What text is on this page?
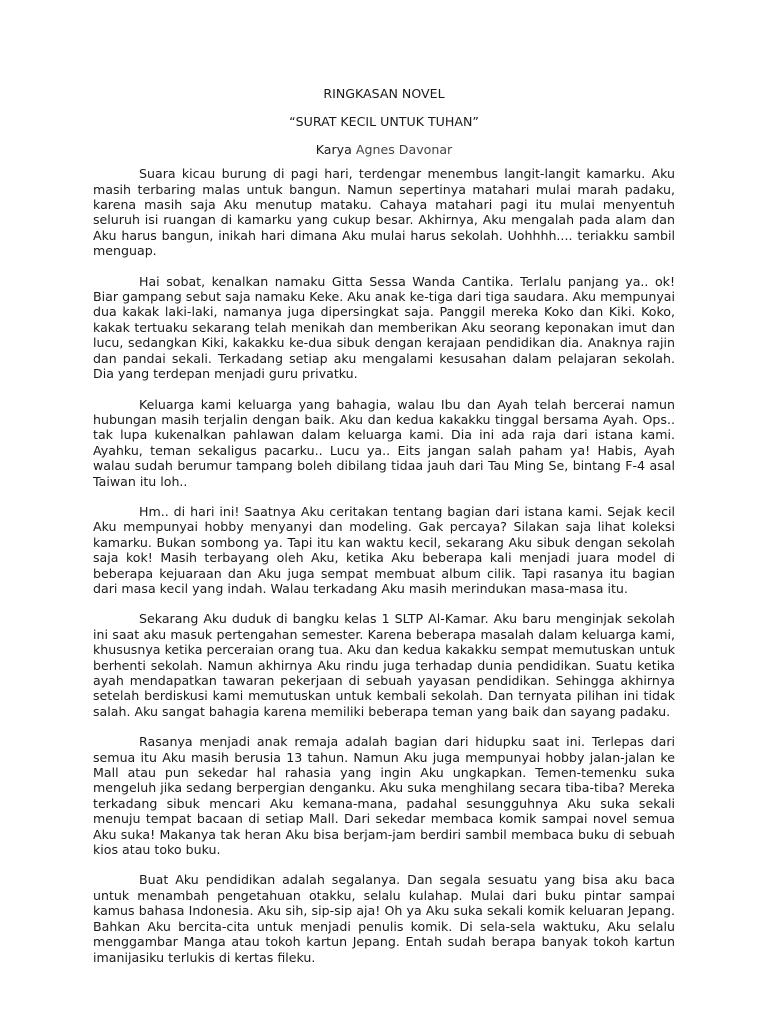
RINGKASAN NOVEL

“SURAT KECIL UNTUK TUHAN”

Karya Agnes Davonar

Suara kicau burung di pagi hari, terdengar menembus langit-langit kamarku. Aku masih terbaring malas untuk bangun. Namun sepertinya matahari mulai marah padaku, karena masih saja Aku menutup mataku. Cahaya matahari pagi itu mulai menyentuh seluruh isi ruangan di kamarku yang cukup besar. Akhirnya, Aku mengalah pada alam dan Aku harus bangun, inikah hari dimana Aku mulai harus sekolah. Uohhhh.... teriakku sambil menguap.

Hai sobat, kenalkan namaku Gitta Sessa Wanda Cantika. Terlalu panjang ya.. ok! Biar gampang sebut saja namaku Keke. Aku anak ke-tiga dari tiga saudara. Aku mempunyai dua kakak laki-laki, namanya juga dipersingkat saja. Panggil mereka Koko dan Kiki. Koko, kakak tertuaku sekarang telah menikah dan memberikan Aku seorang keponakan imut dan lucu, sedangkan Kiki, kakakku ke-dua sibuk dengan kerajaan pendidikan dia. Anaknya rajin dan pandai sekali. Terkadang setiap aku mengalami kesusahan dalam pelajaran sekolah. Dia yang terdepan menjadi guru privatku.

Keluarga kami keluarga yang bahagia, walau Ibu dan Ayah telah bercerai namun hubungan masih terjalin dengan baik. Aku dan kedua kakakku tinggal bersama Ayah. Ops.. tak lupa kukenalkan pahlawan dalam keluarga kami. Dia ini ada raja dari istana kami. Ayahku, teman sekaligus pacarku.. Lucu ya.. Eits jangan salah paham ya! Habis, Ayah walau sudah berumur tampang boleh dibilang tidaa jauh dari Tau Ming Se, bintang F-4 asal Taiwan itu loh..

Hm.. di hari ini! Saatnya Aku ceritakan tentang bagian dari istana kami. Sejak kecil Aku mempunyai hobby menyanyi dan modeling. Gak percaya? Silakan saja lihat koleksi kamarku. Bukan sombong ya. Tapi itu kan waktu kecil, sekarang Aku sibuk dengan sekolah saja kok! Masih terbayang oleh Aku, ketika Aku beberapa kali menjadi juara model di beberapa kejuaraan dan Aku juga sempat membuat album cilik. Tapi rasanya itu bagian dari masa kecil yang indah. Walau terkadang Aku masih merindukan masa-masa itu.

Sekarang Aku duduk di bangku kelas 1 SLTP Al-Kamar. Aku baru menginjak sekolah ini saat aku masuk pertengahan semester. Karena beberapa masalah dalam keluarga kami, khususnya ketika perceraian orang tua. Aku dan kedua kakakku sempat memutuskan untuk berhenti sekolah. Namun akhirnya Aku rindu juga terhadap dunia pendidikan. Suatu ketika ayah mendapatkan tawaran pekerjaan di sebuah yayasan pendidikan. Sehingga akhirnya setelah berdiskusi kami memutuskan untuk kembali sekolah. Dan ternyata pilihan ini tidak salah. Aku sangat bahagia karena memiliki beberapa teman yang baik dan sayang padaku.

Rasanya menjadi anak remaja adalah bagian dari hidupku saat ini. Terlepas dari semua itu Aku masih berusia 13 tahun. Namun Aku juga mempunyai hobby jalan-jalan ke Mall atau pun sekedar hal rahasia yang ingin Aku ungkapkan. Temen-temenku suka mengeluh jika sedang berpergian denganku. Aku suka menghilang secara tiba-tiba? Mereka terkadang sibuk mencari Aku kemana-mana, padahal sesungguhnya Aku suka sekali menuju tempat bacaan di setiap Mall. Dari sekedar membaca komik sampai novel semua Aku suka! Makanya tak heran Aku bisa berjam-jam berdiri sambil membaca buku di sebuah kios atau toko buku.

Buat Aku pendidikan adalah segalanya. Dan segala sesuatu yang bisa aku baca untuk menambah pengetahuan otakku, selalu kulahap. Mulai dari buku pintar sampai kamus bahasa Indonesia. Aku sih, sip-sip aja! Oh ya Aku suka sekali komik keluaran Jepang. Bahkan Aku bercita-cita untuk menjadi penulis komik. Di sela-sela waktuku, Aku selalu menggambar Manga atau tokoh kartun Jepang. Entah sudah berapa banyak tokoh kartun imanijasiku terlukis di kertas fileku.
